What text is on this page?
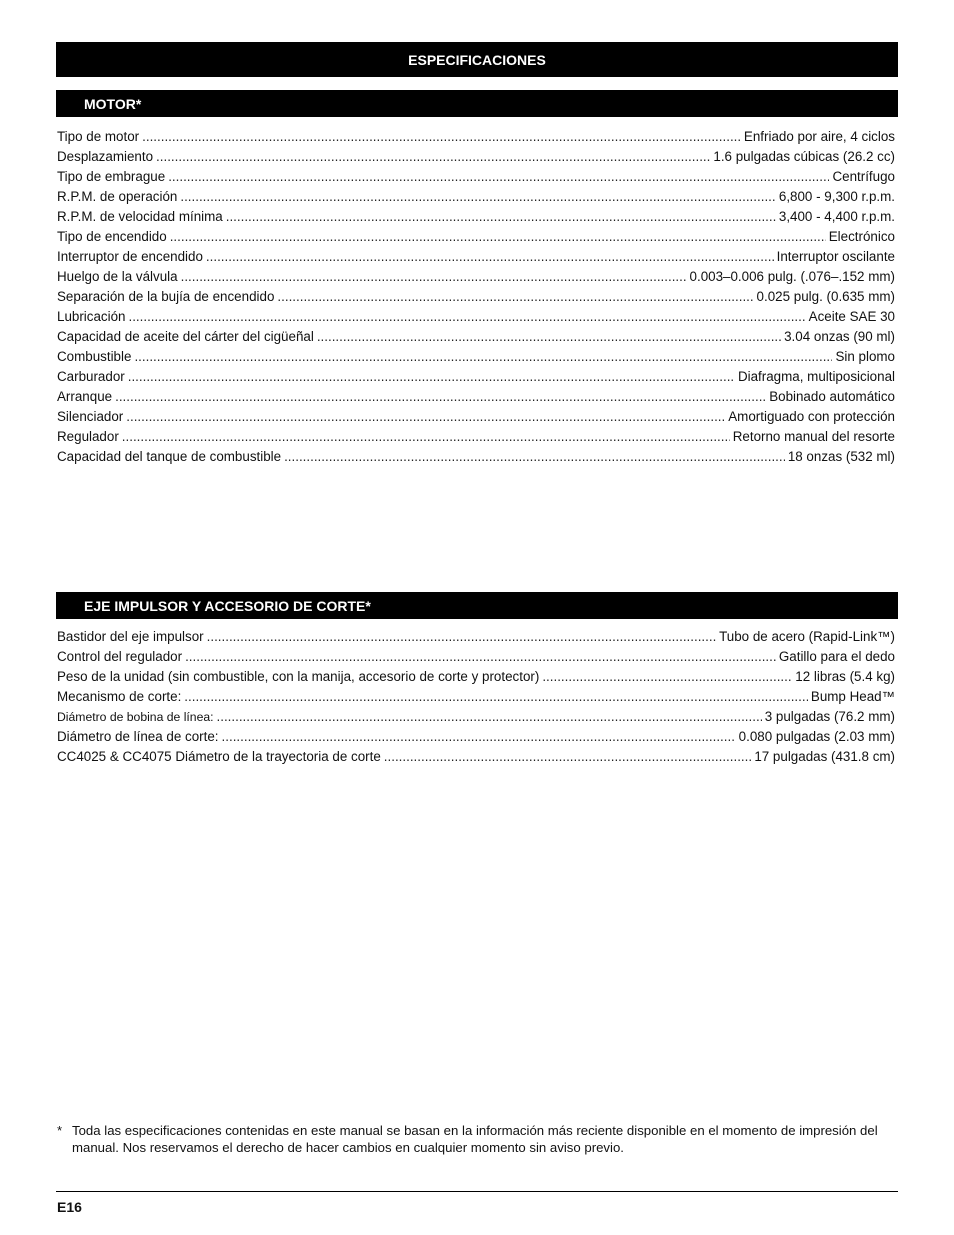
ESPECIFICACIONES
MOTOR*
Tipo de motor .....	Enfriado por aire, 4 ciclos
Desplazamiento .....	1.6 pulgadas cúbicas (26.2 cc)
Tipo de embrague .....	Centrífugo
R.P.M. de operación .....	6,800 - 9,300 r.p.m.
R.P.M. de velocidad mínima .....	3,400 - 4,400 r.p.m.
Tipo de encendido .....	Electrónico
Interruptor de encendido .....	Interruptor oscilante
Huelgo de la válvula .....	0.003–0.006 pulg. (.076–.152 mm)
Separación de la bujía de encendido .....	0.025 pulg. (0.635 mm)
Lubricación .....	Aceite SAE 30
Capacidad de aceite del cárter del cigüeñal .....	3.04 onzas (90 ml)
Combustible .....	Sin plomo
Carburador .....	Diafragma, multiposicional
Arranque .....	Bobinado automático
Silenciador .....	Amortiguado con protección
Regulador .....	Retorno manual del resorte
Capacidad del tanque de combustible .....	18 onzas (532 ml)
EJE IMPULSOR Y ACCESORIO DE CORTE*
Bastidor del eje impulsor .....	Tubo de acero (Rapid-Link™)
Control del regulador .....	Gatillo para el dedo
Peso de la unidad (sin combustible, con la manija, accesorio de corte y protector) .....	12 libras (5.4 kg)
Mecanismo de corte: .....	Bump Head™
Diámetro de bobina de línea: .....	3 pulgadas (76.2 mm)
Diámetro de línea de corte: .....	0.080 pulgadas (2.03 mm)
CC4025 & CC4075 Diámetro de la trayectoria de corte .....	17 pulgadas (431.8 cm)
* Toda las especificaciones contenidas en este manual se basan en la información más reciente disponible en el momento de impresión del manual. Nos reservamos el derecho de hacer cambios en cualquier momento sin aviso previo.
E16
